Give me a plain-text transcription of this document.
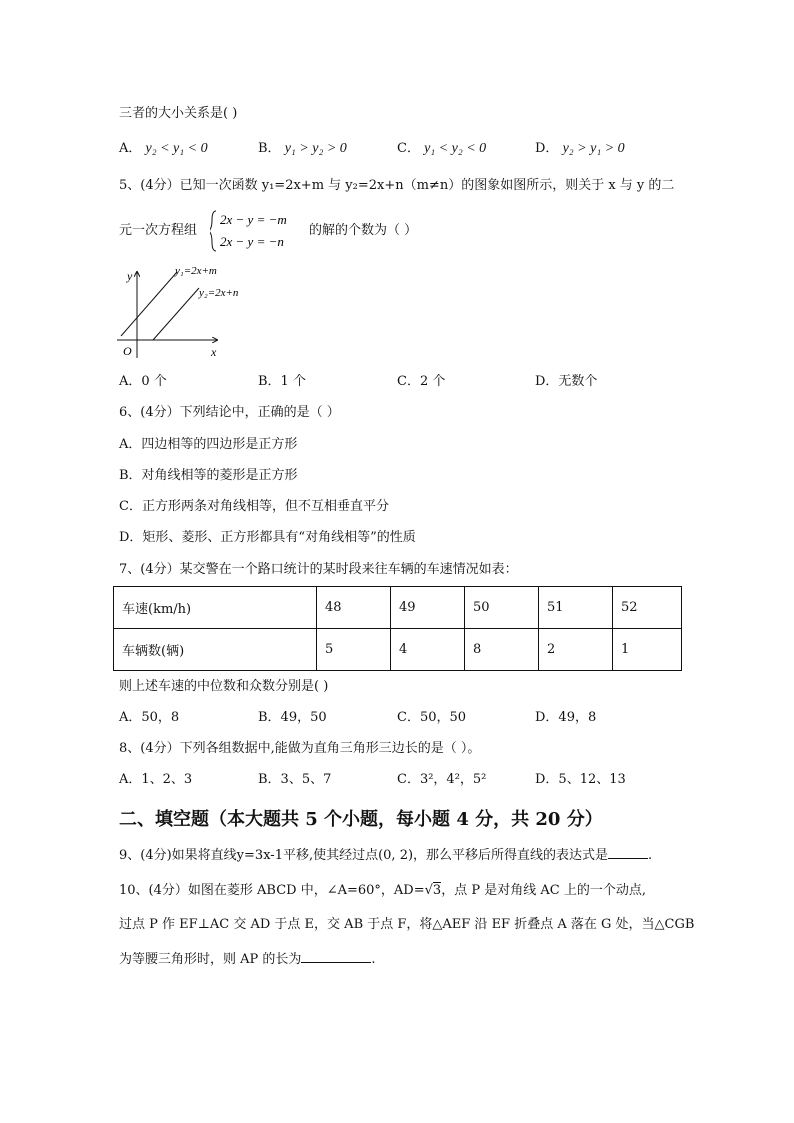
三者的大小关系是( )
A． y₂ < y₁ < 0	B． y₁ > y₂ > 0	C． y₁ < y₂ < 0	D． y₂ > y₁ > 0
5、(4分）已知一次函数 y₁=2x+m 与 y₂=2x+n（m≠n）的图象如图所示，则关于 x 与 y 的二
元一次方程组
2x − y = −m
2x − y = −n
的解的个数为（ ）
y
x
O
y₁=2x+m
y₂=2x+n
A．0 个	B．1 个	C．2 个	D．无数个
6、(4分）下列结论中，正确的是（ ）
A．四边相等的四边形是正方形
B．对角线相等的菱形是正方形
C．正方形两条对角线相等，但不互相垂直平分
D．矩形、菱形、正方形都具有“对角线相等”的性质
7、(4分）某交警在一个路口统计的某时段来往车辆的车速情况如表：
车速(km/h)	48	49	50	51	52
车辆数(辆)	5	4	8	2	1
则上述车速的中位数和众数分别是( )
A．50，8	B．49，50	C．50，50	D．49，8
8、(4分）下列各组数据中,能做为直角三角形三边长的是（ ）。
A．1、2、3	B．3、5、7	C．3²，4²，5²	D．5、12、13
二、填空题（本大题共 5 个小题，每小题 4 分，共 20 分）
9、(4分)如果将直线y=3x-1平移,使其经过点(0, 2)，那么平移后所得直线的表达式是	.
10、(4分）如图在菱形 ABCD 中，∠A=60°，AD=√3，点 P 是对角线 AC 上的一个动点,
过点 P 作 EF⊥AC 交 AD 于点 E，交 AB 于点 F，将△AEF 沿 EF 折叠点 A 落在 G 处，当△CGB
为等腰三角形时，则 AP 的长为	.
